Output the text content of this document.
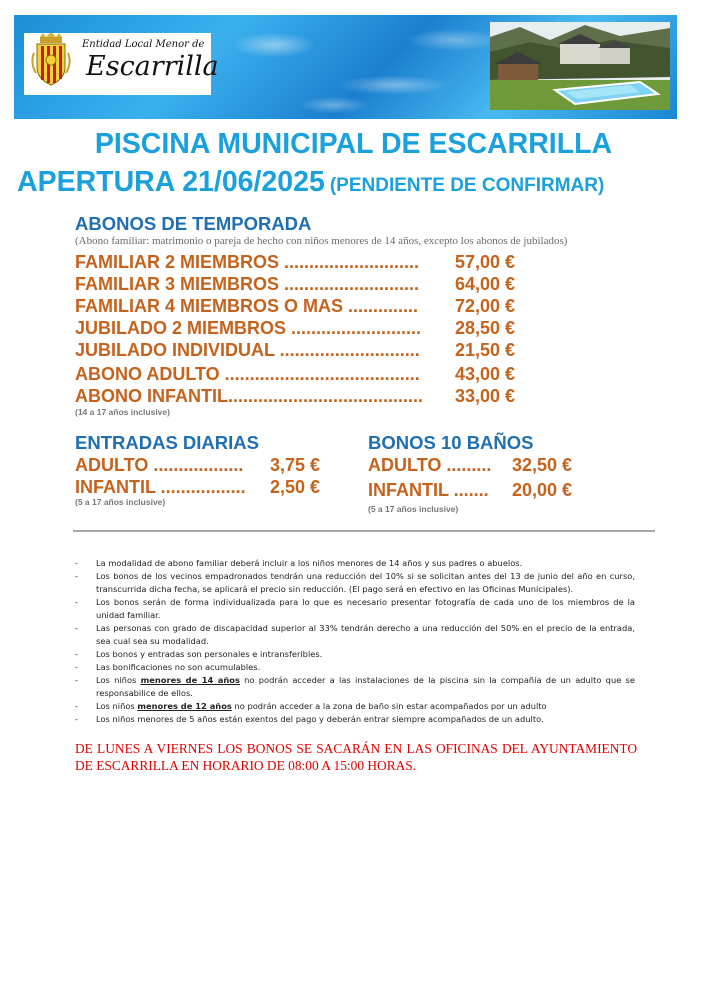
Entidad Local Menor de
Escarrilla
PISCINA MUNICIPAL DE ESCARRILLA
APERTURA 21/06/2025 (PENDIENTE DE CONFIRMAR)
ABONOS DE TEMPORADA
(Abono familiar: matrimonio o pareja de hecho con niños menores de 14 años, excepto los abonos de jubilados)
FAMILIAR 2 MIEMBROS ........................... 57,00 €
FAMILIAR 3 MIEMBROS ........................... 64,00 €
FAMILIAR 4 MIEMBROS O MAS .............. 72,00 €
JUBILADO 2 MIEMBROS .......................... 28,50 €
JUBILADO INDIVIDUAL ............................ 21,50 €
ABONO ADULTO ....................................... 43,00 €
ABONO INFANTIL....................................... 33,00 €
(14 a 17 años inclusive)
ENTRADAS DIARIAS
ADULTO .................. 3,75 €
INFANTIL ................. 2,50 €
(5 a 17 años inclusive)
BONOS 10 BAÑOS
ADULTO ......... 32,50 €
INFANTIL ....... 20,00 €
(5 a 17 años inclusive)
- La modalidad de abono familiar deberá incluir a los niños menores de 14 años y sus padres o abuelos.
- Los bonos de los vecinos empadronados tendrán una reducción del 10% si se solicitan antes del 13 de junio del año en curso, transcurrida dicha fecha, se aplicará el precio sin reducción. (El pago será en efectivo en las Oficinas Municipales).
- Los bonos serán de forma individualizada para lo que es necesario presentar fotografía de cada uno de los miembros de la unidad familiar.
- Las personas con grado de discapacidad superior al 33% tendrán derecho a una reducción del 50% en el precio de la entrada, sea cual sea su modalidad.
- Los bonos y entradas son personales e intransferibles.
- Las bonificaciones no son acumulables.
- Los niños menores de 14 años no podrán acceder a las instalaciones de la piscina sin la compañía de un adulto que se responsabilice de ellos.
- Los niños menores de 12 años no podrán acceder a la zona de baño sin estar acompañados por un adulto
- Los niños menores de 5 años están exentos del pago y deberán entrar siempre acompañados de un adulto.
DE LUNES A VIERNES LOS BONOS SE SACARÁN EN LAS OFICINAS DEL AYUNTAMIENTO DE ESCARRILLA EN HORARIO DE 08:00 A 15:00 HORAS.
